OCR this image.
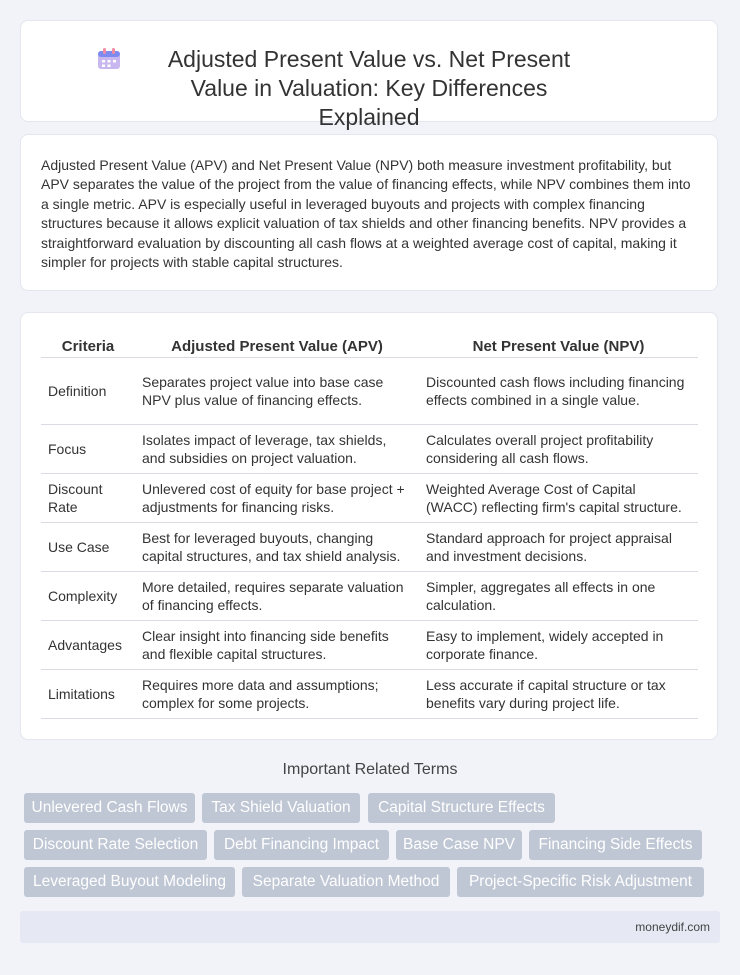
Adjusted Present Value vs. Net Present Value in Valuation: Key Differences Explained
Adjusted Present Value (APV) and Net Present Value (NPV) both measure investment profitability, but APV separates the value of the project from the value of financing effects, while NPV combines them into a single metric. APV is especially useful in leveraged buyouts and projects with complex financing structures because it allows explicit valuation of tax shields and other financing benefits. NPV provides a straightforward evaluation by discounting all cash flows at a weighted average cost of capital, making it simpler for projects with stable capital structures.
Criteria	Adjusted Present Value (APV)	Net Present Value (NPV)
Definition	Separates project value into base case NPV plus value of financing effects.	Discounted cash flows including financing effects combined in a single value.
Focus	Isolates impact of leverage, tax shields, and subsidies on project valuation.	Calculates overall project profitability considering all cash flows.
Discount Rate	Unlevered cost of equity for base project + adjustments for financing risks.	Weighted Average Cost of Capital (WACC) reflecting firm's capital structure.
Use Case	Best for leveraged buyouts, changing capital structures, and tax shield analysis.	Standard approach for project appraisal and investment decisions.
Complexity	More detailed, requires separate valuation of financing effects.	Simpler, aggregates all effects in one calculation.
Advantages	Clear insight into financing side benefits and flexible capital structures.	Easy to implement, widely accepted in corporate finance.
Limitations	Requires more data and assumptions; complex for some projects.	Less accurate if capital structure or tax benefits vary during project life.
Important Related Terms
Unlevered Cash Flows	Tax Shield Valuation	Capital Structure Effects
Discount Rate Selection	Debt Financing Impact	Base Case NPV	Financing Side Effects
Leveraged Buyout Modeling	Separate Valuation Method	Project-Specific Risk Adjustment
moneydif.com
